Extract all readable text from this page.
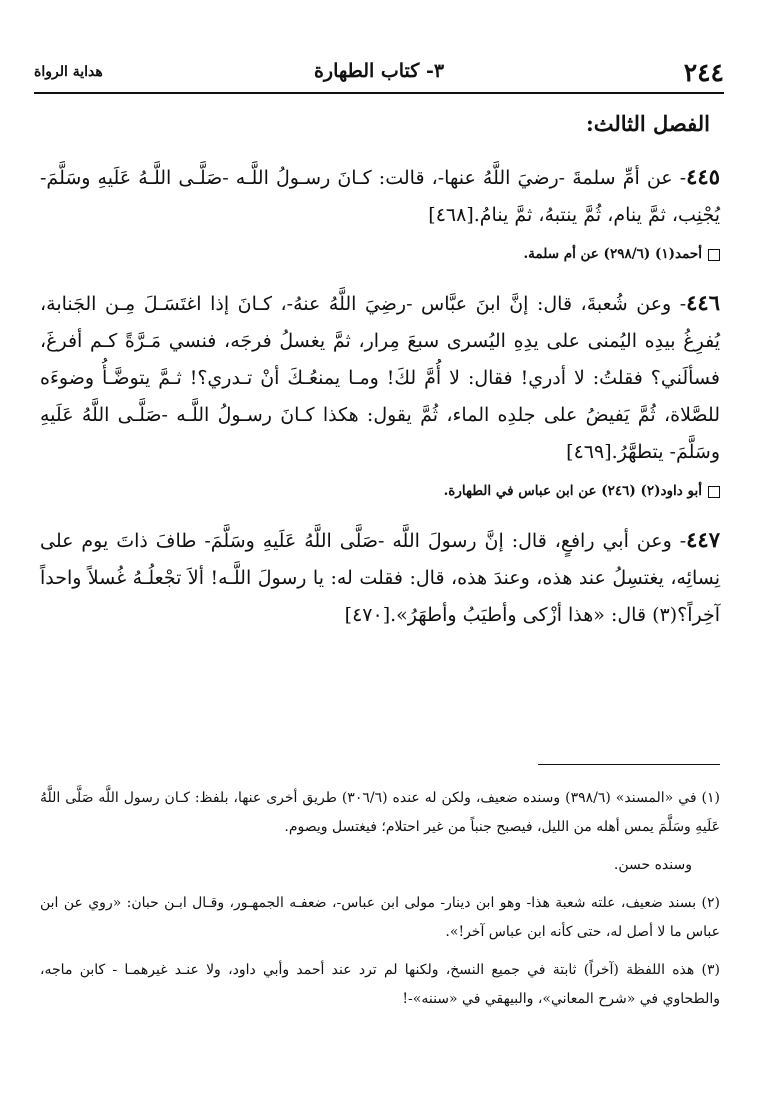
٢٤٤
٣- كتاب الطهارة
هداية الرواة
الفصل الثالث:
٤٤٥- عن أمِّ سلمةَ -رضيَ اللَّهُ عنها-، قالت: كـانَ رسـولُ اللَّـه -صَلَّـى اللَّـهُ عَلَيهِ وسَلَّمَ- يُجْنِب، ثمَّ ينام، ثُمَّ ينتبهُ، ثمَّ ينامُ.[٤٦٨]
أحمد(١) (٢٩٨/٦) عن أم سلمة.
٤٤٦- وعن شُعبةَ، قال: إنَّ ابنَ عبَّاس -رضِيَ اللَّهُ عنهُ-، كـانَ إذا اغتَسَـلَ مِـن الجَنابة، يُفرِغُ بيدِه اليُمنى على يدِهِ اليُسرى سبعَ مِرار، ثمَّ يغسلُ فرجَه، فنسي مَـرَّةً كـم أفرغَ، فسألَني؟ فقلتُ: لا أدري! فقال: لا أُمَّ لكَ! ومـا يمنعُـكَ أنْ تـدري؟! ثـمَّ يتوضَّـأُ وضوءَه للصَّلاة، ثُمَّ يَفيضُ على جلدِه الماء، ثُمَّ يقول: هكذا كـانَ رسـولُ اللَّـه -صَلَّـى اللَّهُ عَلَيهِ وسَلَّمَ- يتطهَّرُ.[٤٦٩]
أبو داود(٢) (٢٤٦) عن ابن عباس في الطهارة.
٤٤٧- وعن أبي رافعٍ، قال: إنَّ رسولَ اللَّه -صَلَّى اللَّهُ عَلَيهِ وسَلَّمَ- طافَ ذاتَ يوم على نِسائِه، يغتسِلُ عند هذه، وعندَ هذه، قال: فقلت له: يا رسولَ اللَّـه! ألاَ تجْعلُـهُ غُسلاً واحداً آخِراً؟(٣) قال: «هذا أزْكى وأطيَبُ وأطهَرُ».[٤٧٠]

(١) في «المسند» (٣٩٨/٦) وسنده ضعيف، ولكن له عنده (٣٠٦/٦) طريق أخرى عنها، بلفظ: كـان رسول اللَّه صَلَّى اللَّهُ عَلَيهِ وسَلَّمَ يمس أهله من الليل، فيصبح جنباً من غير احتلام؛ فيغتسل ويصوم.

وسنده حسن.

(٢) بسند ضعيف، علته شعبة هذا- وهو ابن دينار- مولى ابن عباس-، ضعفـه الجمهـور، وقـال ابـن حبان: «روي عن ابن عباس ما لا أصل له، حتى كأنه ابن عباس آخر!».

(٣) هذه اللفظة (آخراً) ثابتة في جميع النسخ، ولكنها لم ترد عند أحمد وأبي داود، ولا عنـد غيرهمـا - كابن ماجه، والطحاوي في «شرح المعاني»، والبيهقي في «سننه»-!
